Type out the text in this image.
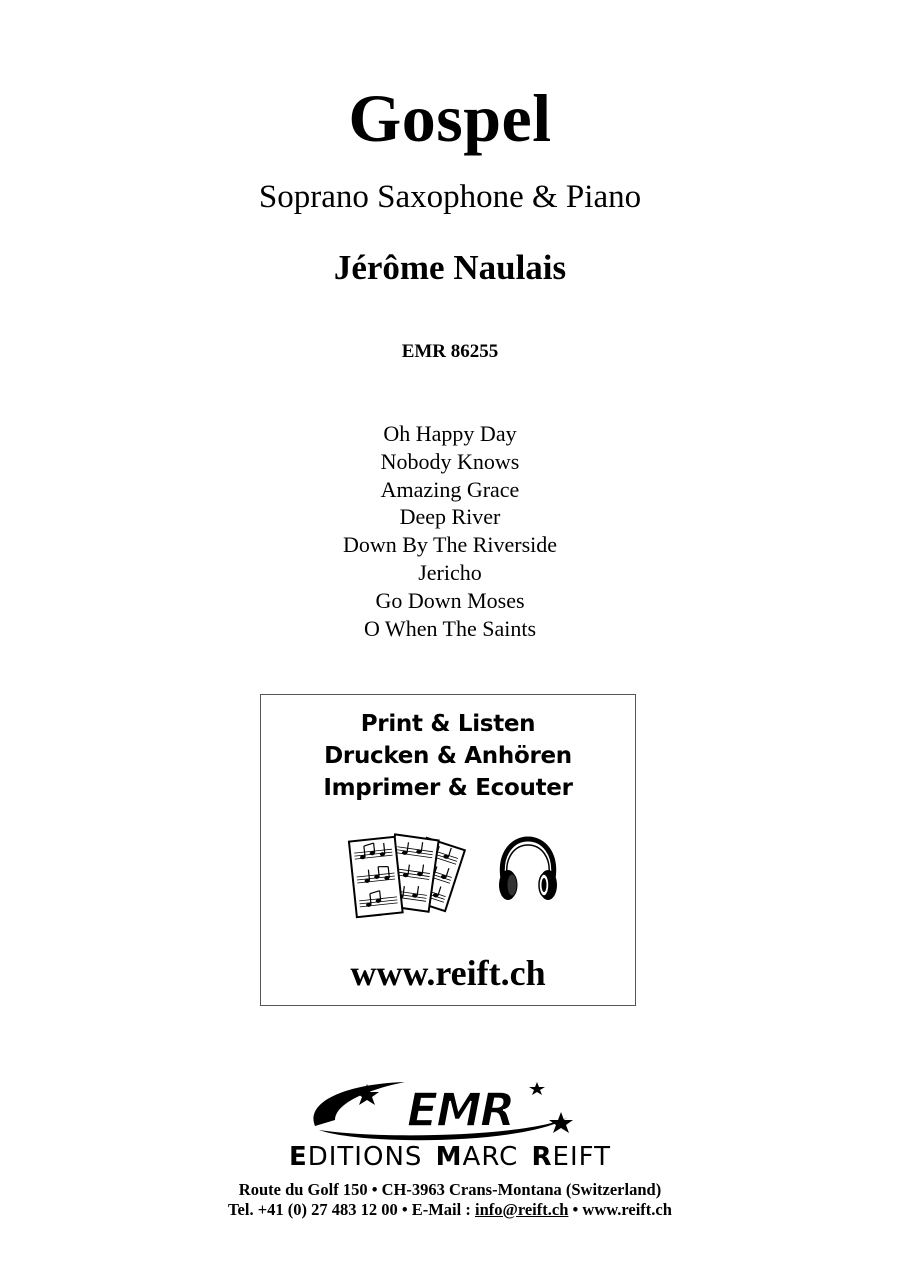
Gospel
Soprano Saxophone & Piano
Jérôme Naulais
EMR 86255
Oh Happy Day
Nobody Knows
Amazing Grace
Deep River
Down By The Riverside
Jericho
Go Down Moses
O When The Saints
Print & Listen
Drucken & Anhören
Imprimer & Ecouter
www.reift.ch
EMR
EDITIONS MARC REIFT
Route du Golf 150 • CH-3963 Crans-Montana (Switzerland)
Tel. +41 (0) 27 483 12 00 • E-Mail : info@reift.ch • www.reift.ch
